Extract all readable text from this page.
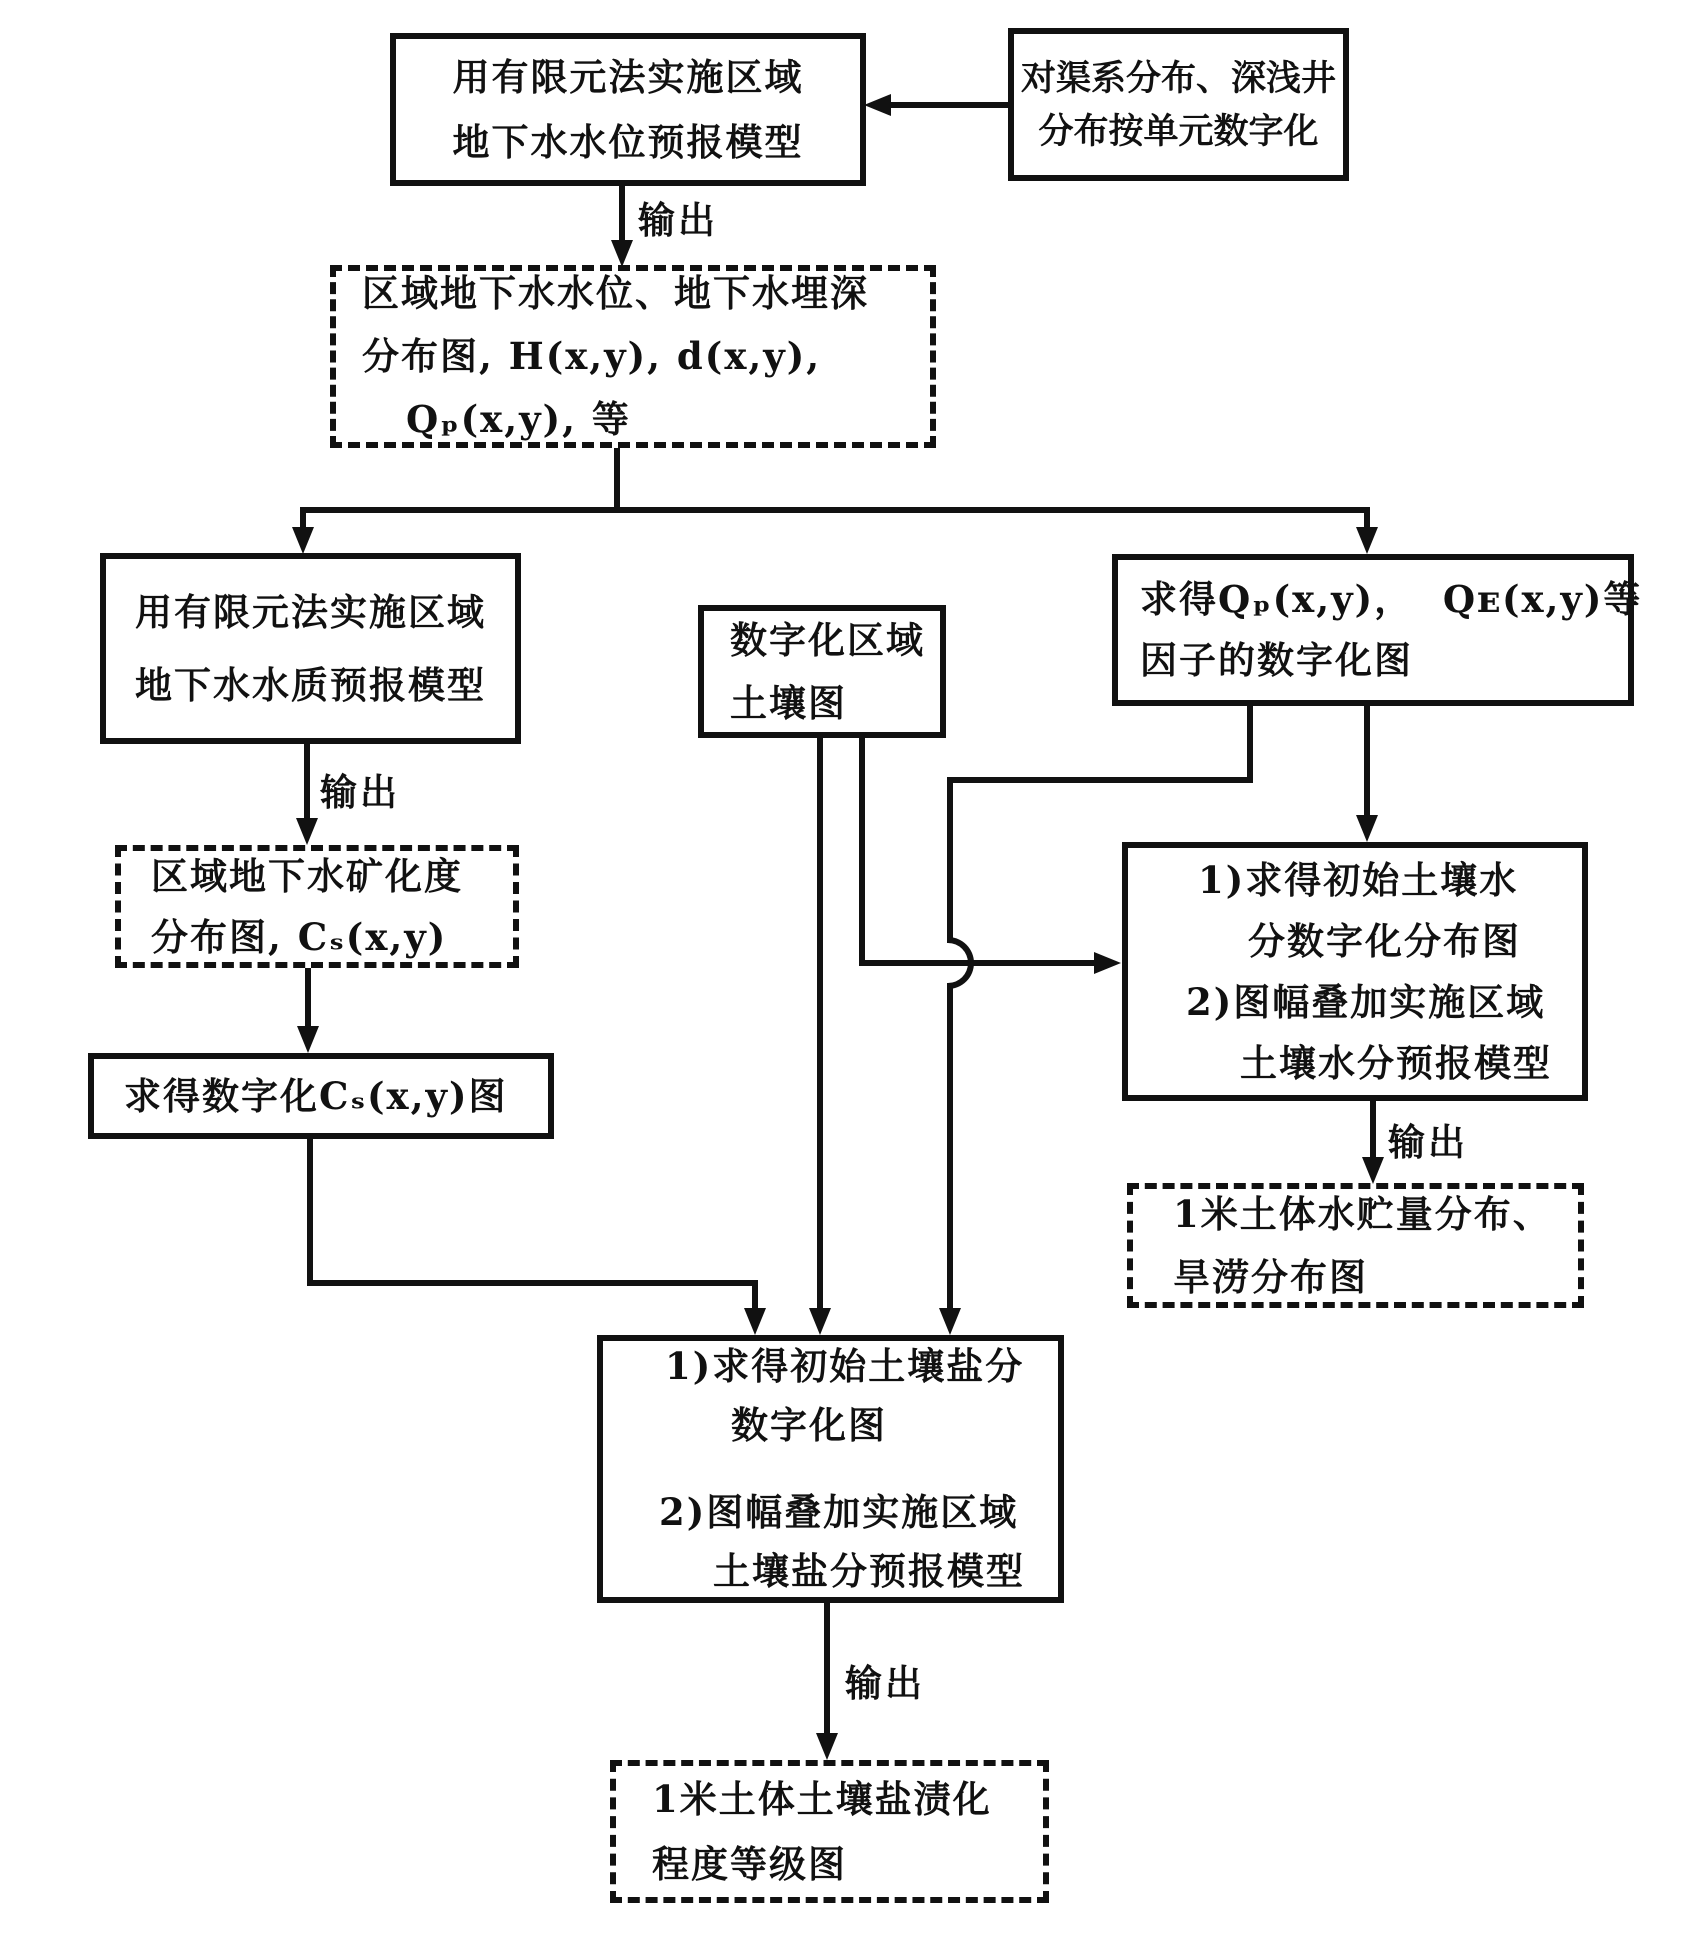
用有限元法实施区域
地下水水位预报模型
对渠系分布、深浅井
分布按单元数字化
区域地下水水位、地下水埋深
分布图, H(x,y), d(x,y),
Qₚ(x,y), 等
用有限元法实施区域
地下水水质预报模型
数字化区域
土壤图
求得Qₚ(x,y)，  Qᴇ(x,y)等
因子的数字化图
区域地下水矿化度
分布图, Cₛ(x,y)
求得数字化Cₛ(x,y)图
1)求得初始土壤水
分数字化分布图
2)图幅叠加实施区域
土壤水分预报模型
1米土体水贮量分布、
旱涝分布图
1)求得初始土壤盐分
数字化图
2)图幅叠加实施区域
土壤盐分预报模型
1米土体土壤盐渍化
程度等级图
输出
输出
输出
输出
